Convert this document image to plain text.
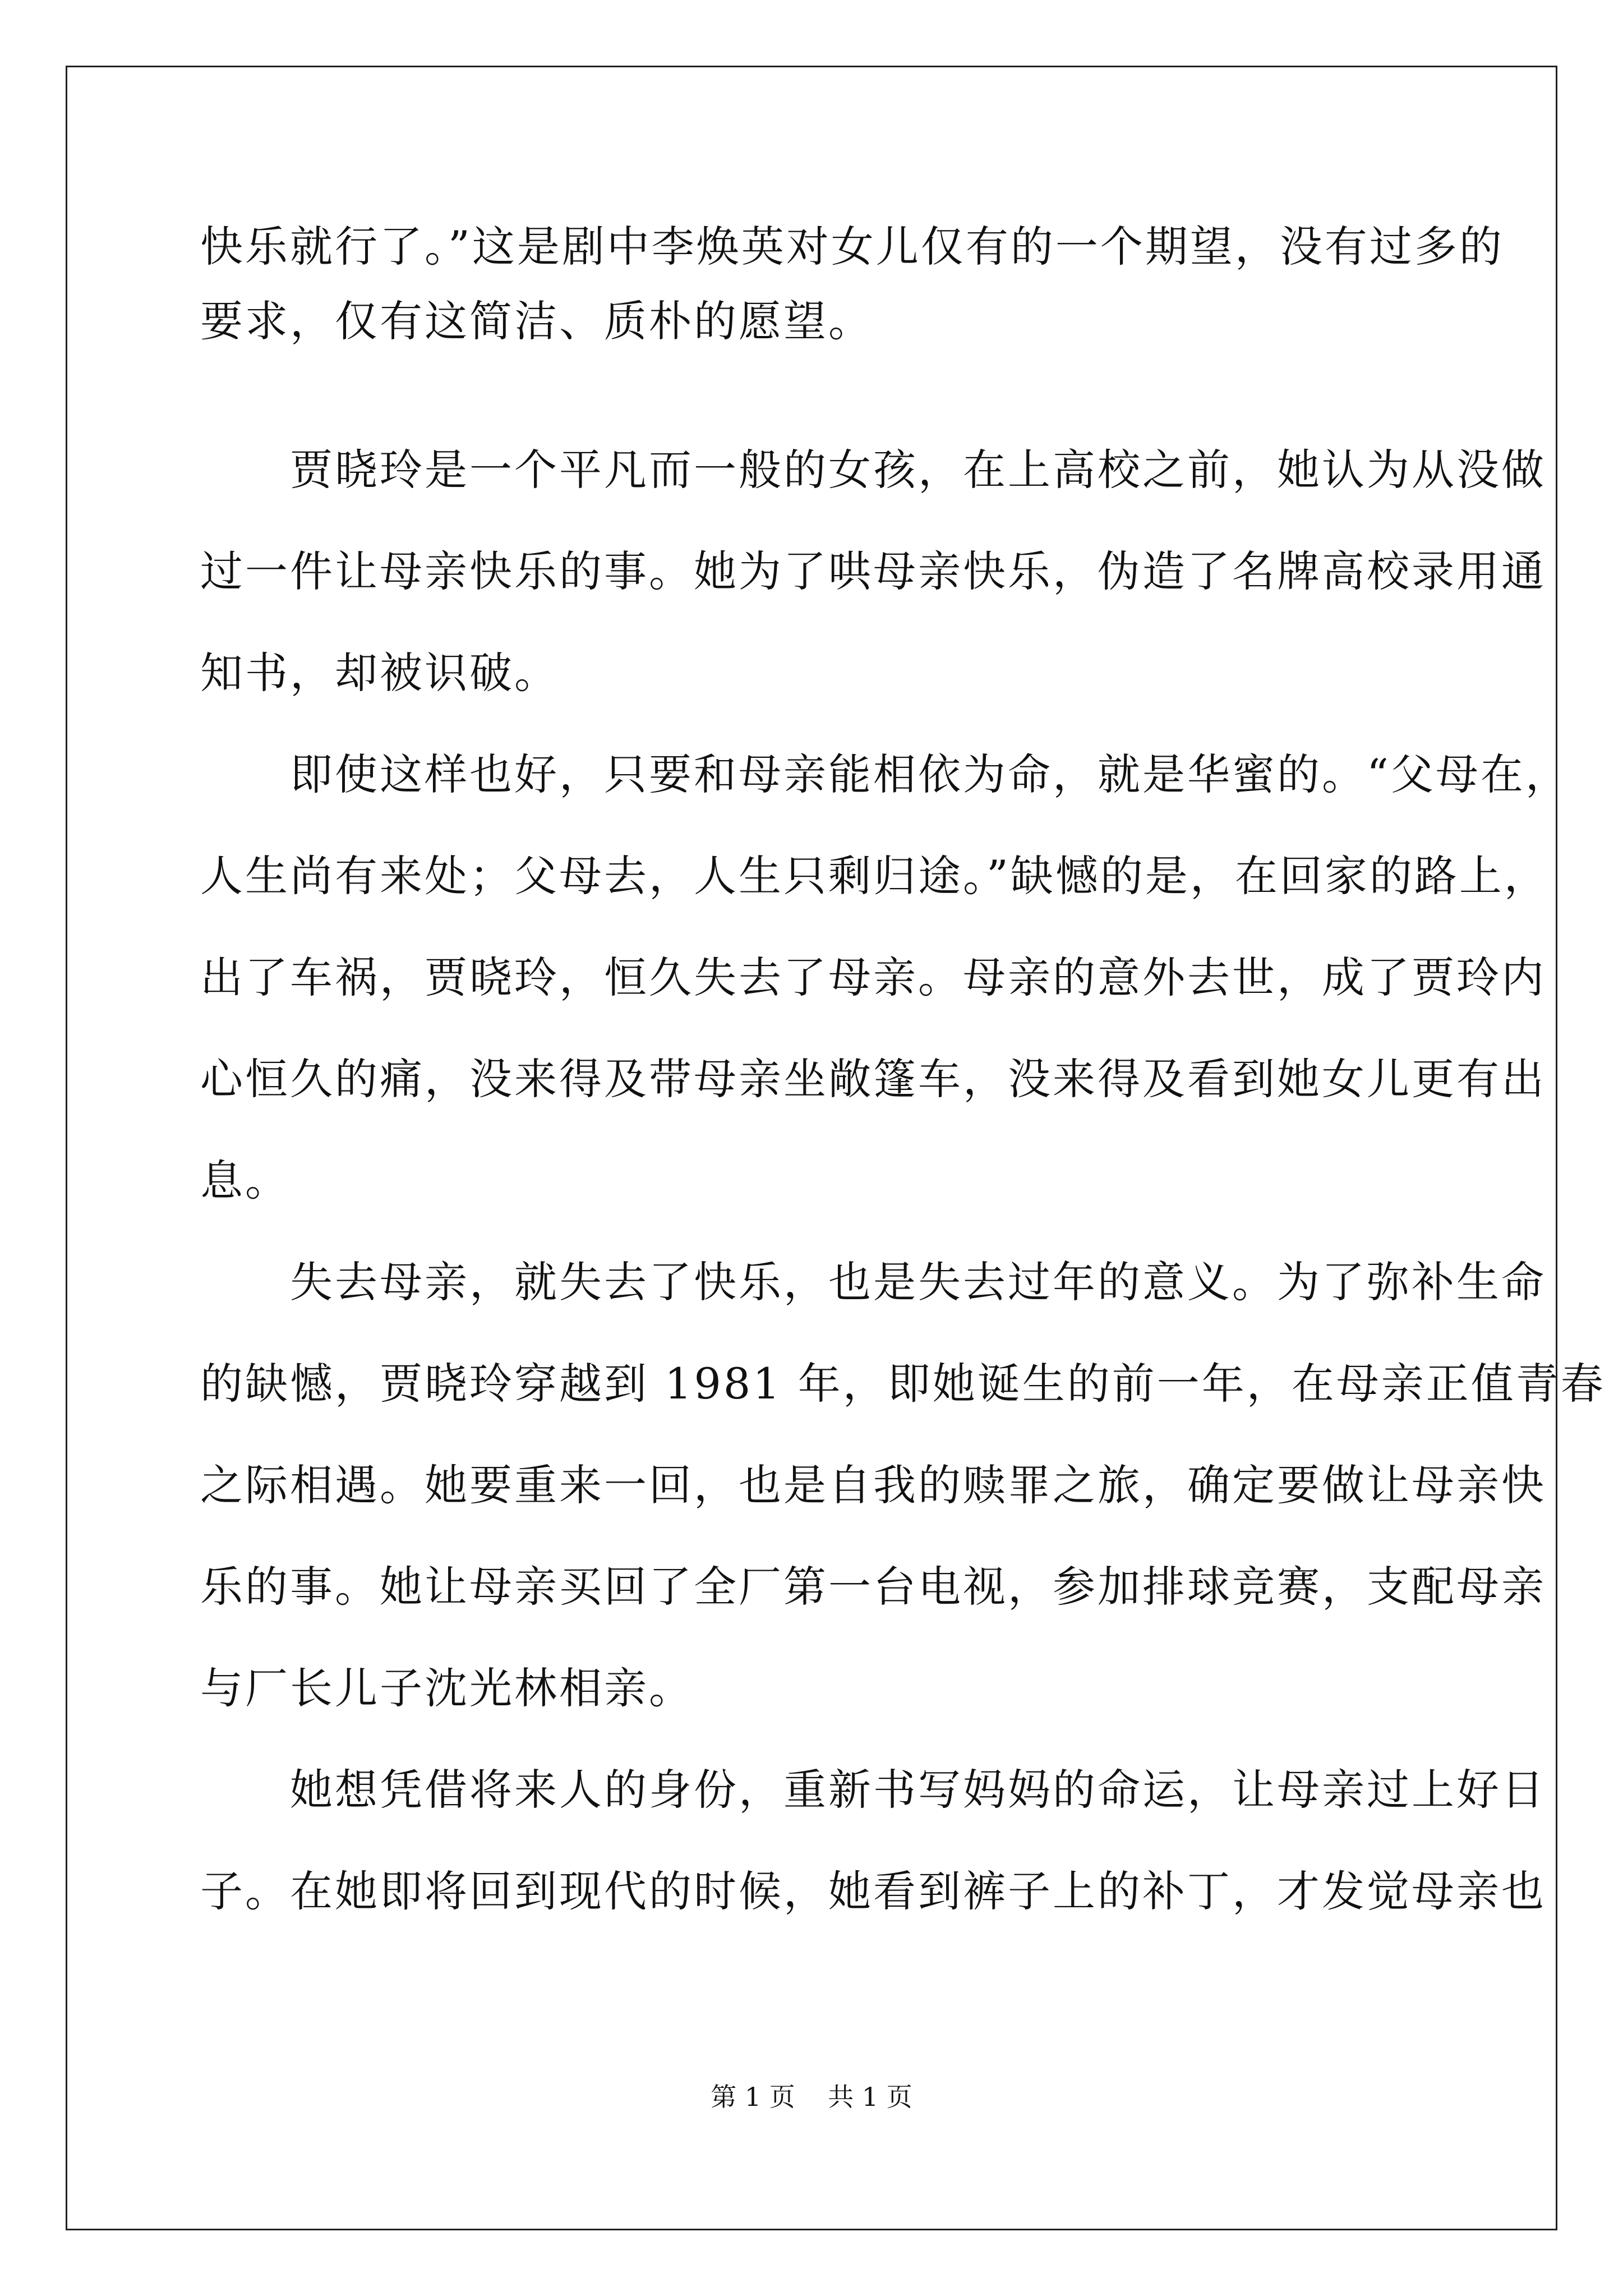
快乐就行了。”这是剧中李焕英对女儿仅有的一个期望，没有过多的
要求，仅有这简洁、质朴的愿望。
　　贾晓玲是一个平凡而一般的女孩，在上高校之前，她认为从没做
过一件让母亲快乐的事。她为了哄母亲快乐，伪造了名牌高校录用通
知书，却被识破。
　　即使这样也好，只要和母亲能相依为命，就是华蜜的。“父母在，
人生尚有来处；父母去，人生只剩归途。”缺憾的是，在回家的路上，
出了车祸，贾晓玲，恒久失去了母亲。母亲的意外去世，成了贾玲内
心恒久的痛，没来得及带母亲坐敞篷车，没来得及看到她女儿更有出
息。
　　失去母亲，就失去了快乐，也是失去过年的意义。为了弥补生命
的缺憾，贾晓玲穿越到 1981 年，即她诞生的前一年，在母亲正值青春
之际相遇。她要重来一回，也是自我的赎罪之旅，确定要做让母亲快
乐的事。她让母亲买回了全厂第一台电视，参加排球竞赛，支配母亲
与厂长儿子沈光林相亲。
　　她想凭借将来人的身份，重新书写妈妈的命运，让母亲过上好日
子。在她即将回到现代的时候，她看到裤子上的补丁，才发觉母亲也
第 1 页    共 1 页
